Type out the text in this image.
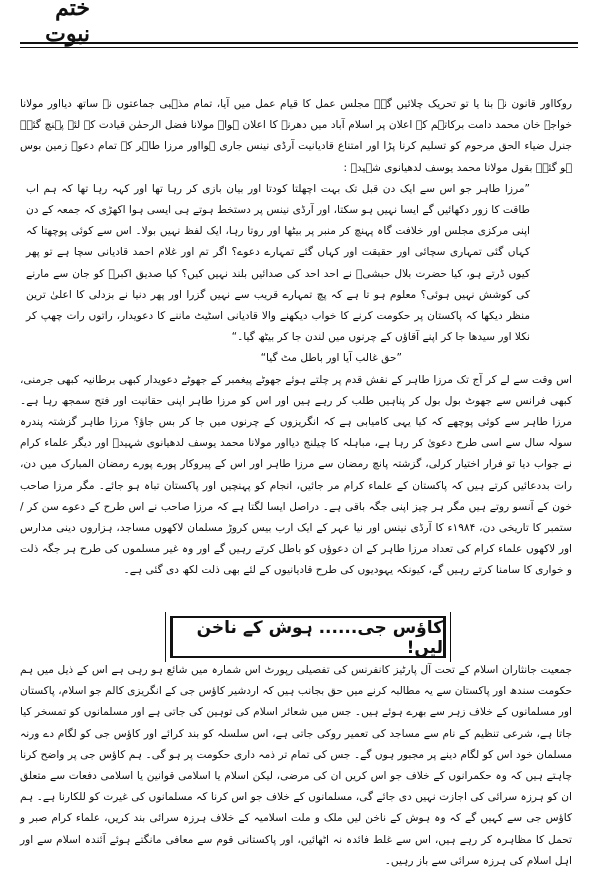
ختم نبوت

روکااور قانون نہ بنا یا تو تحریک چلائیں گے۔ مجلس عمل کا قیام عمل میں آیا، تمام مذہبی جماعتوں نے ساتھ دیااور مولانا خواجہ خان محمد دامت برکاتہم کے اعلان پر اسلام آباد میں دھرنے کا اعلان ہوا۔ مولانا فضل الرحمٰن قیادت کے لئے پہنچ گئے۔ جنرل ضیاء الحق مرحوم کو تسلیم کرنا پڑا اور امتناع قادیانیت آرڈی نینس جاری ہوااور مرزا طاہر کے تمام دعوے زمین بوس ہو گئے۔ بقول مولانا محمد یوسف لدھیانوی شہیدؒ :

”مرزا طاہر جو اس سے ایک دن قبل تک بہت اچھلتا کودتا اور بیان بازی کر رہا تھا اور کہہ رہا تھا کہ ہم اب طاقت کا زور دکھائیں گے ایسا نہیں ہو سکتا، اور آرڈی نینس پر دستخط ہوتے ہی ایسی ہوا اکھڑی کہ جمعہ کے دن اپنی مرکزی مجلس اور خلافت گاہ پہنچ کر منبر پر بیٹھا اور روتا رہا، ایک لفظ نہیں بولا۔ اس سے کوئی پوچھتا کہ کہاں گئی تمہاری سچائی اور حقیقت اور کہاں گئے تمہارے دعوے؟ اگر تم اور غلام احمد قادیانی سچا ہے تو پھر کیوں ڈرتے ہو، کیا حضرت بلال حبشیؓ نے احد احد کی صدائیں بلند نہیں کیں؟ کیا صدیق اکبرؓ کو جان سے مارنے کی کوشش نہیں ہوئی؟ معلوم ہو تا ہے کہ پچ تمہارے قریب سے نہیں گزرا اور پھر دنیا نے بزدلی کا اعلیٰ ترین منظر دیکھا کہ پاکستان پر حکومت کرنے کا خواب دیکھنے والا قادیانی اسٹیٹ ماننے کا دعویدار، راتوں رات چھپ کر نکلا اور سیدھا جا کر اپنے آقاؤں کے چرنوں میں لندن جا کر بیٹھ گیا۔“

”حق غالب آیا اور باطل مٹ گیا“

اس وقت سے لے کر آج تک مرزا طاہر کے نقش قدم پر چلتے ہوئے جھوٹے پیغمبر کے جھوٹے دعویدار کبھی برطانیہ کبھی جرمنی، کبھی فرانس سے جھوٹ بول بول کر پناہیں طلب کر رہے ہیں اور اس کو مرزا طاہر اپنی حقانیت اور فتح سمجھ رہا ہے۔ مرزا طاہر سے کوئی پوچھے کہ کیا یہی کامیابی ہے کہ انگریزوں کے چرنوں میں جا کر بس جاؤ؟ مرزا طاہر گزشتہ پندرہ سولہ سال سے اسی طرح دعویٰ کر رہا ہے، مباہلہ کا چیلنج دیااور مولانا محمد یوسف لدھیانوی شہیدؒ اور دیگر علماء کرام نے جواب دیا تو فرار اختیار کرلی، گزشتہ پانچ رمضان سے مرزا طاہر اور اس کے پیروکار پورے پورے رمضان المبارک میں دن، رات بددعائیں کرتے ہیں کہ پاکستان کے علماء کرام مر جائیں، انجام کو پہنچیں اور پاکستان تباہ ہو جائے۔ مگر مرزا صاحب خون کے آنسو روتے ہیں مگر ہر چیز اپنی جگہ باقی ہے۔ دراصل ایسا لگتا ہے کہ مرزا صاحب نے اس طرح کے دعوے سن کر / ستمبر کا تاریخی دن، ۱۹۸۴ء کا آرڈی نینس اور نیا عہر کے ایک ارب بیس کروڑ مسلمان لاکھوں مساجد، ہزاروں دینی مدارس اور لاکھوں علماء کرام کی تعداد مرزا طاہر کے ان دعوؤں کو باطل کرتے رہیں گے اور وہ غیر مسلموں کی طرح ہر جگہ ذلت و خواری کا سامنا کرتے رہیں گے، کیونکہ یہودیوں کی طرح قادیانیوں کے لئے بھی ذلت لکھ دی گئی ہے۔

کاؤس جی...... ہوش کے ناخن لیں!

جمعیت جانثاران اسلام کے تحت آل پارٹیز کانفرنس کی تفصیلی رپورٹ اس شمارہ میں شائع ہو رہی ہے اس کے ذیل میں ہم حکومت سندھ اور پاکستان سے یہ مطالبہ کرنے میں حق بجانب ہیں کہ اردشیر کاؤس جی کے انگریزی کالم جو اسلام، پاکستان اور مسلمانوں کے خلاف زہر سے بھرے ہوئے ہیں۔ جس میں شعائر اسلام کی توہین کی جاتی ہے اور مسلمانوں کو تمسخر کیا جاتا ہے، شرعی تنظیم کے نام سے مساجد کی تعمیر روکی جاتی ہے، اس سلسلہ کو بند کرائے اور کاؤس جی کو لگام دے ورنہ مسلمان خود اس کو لگام دینے پر مجبور ہوں گے۔ جس کی تمام تر ذمہ داری حکومت پر ہو گی۔ ہم کاؤس جی پر واضح کرنا چاہتے ہیں کہ وہ حکمرانوں کے خلاف جو اس کریں ان کی مرضی، لیکن اسلام یا اسلامی قوانین یا اسلامی دفعات سے متعلق ان کو ہرزہ سرائی کی اجازت نہیں دی جائے گی، مسلمانوں کے خلاف جو اس کرنا کہ مسلمانوں کی غیرت کو للکارنا ہے۔ ہم کاؤس جی سے کہیں گے کہ وہ ہوش کے ناخن لیں ملک و ملت اسلامیہ کے خلاف ہرزہ سرائی بند کریں، علماء کرام صبر و تحمل کا مظاہرہ کر رہے ہیں، اس سے غلط فائدہ نہ اٹھائیں، اور پاکستانی قوم سے معافی مانگتے ہوئے آئندہ اسلام سے اور اہل اسلام کی ہرزہ سرائی سے باز رہیں۔
